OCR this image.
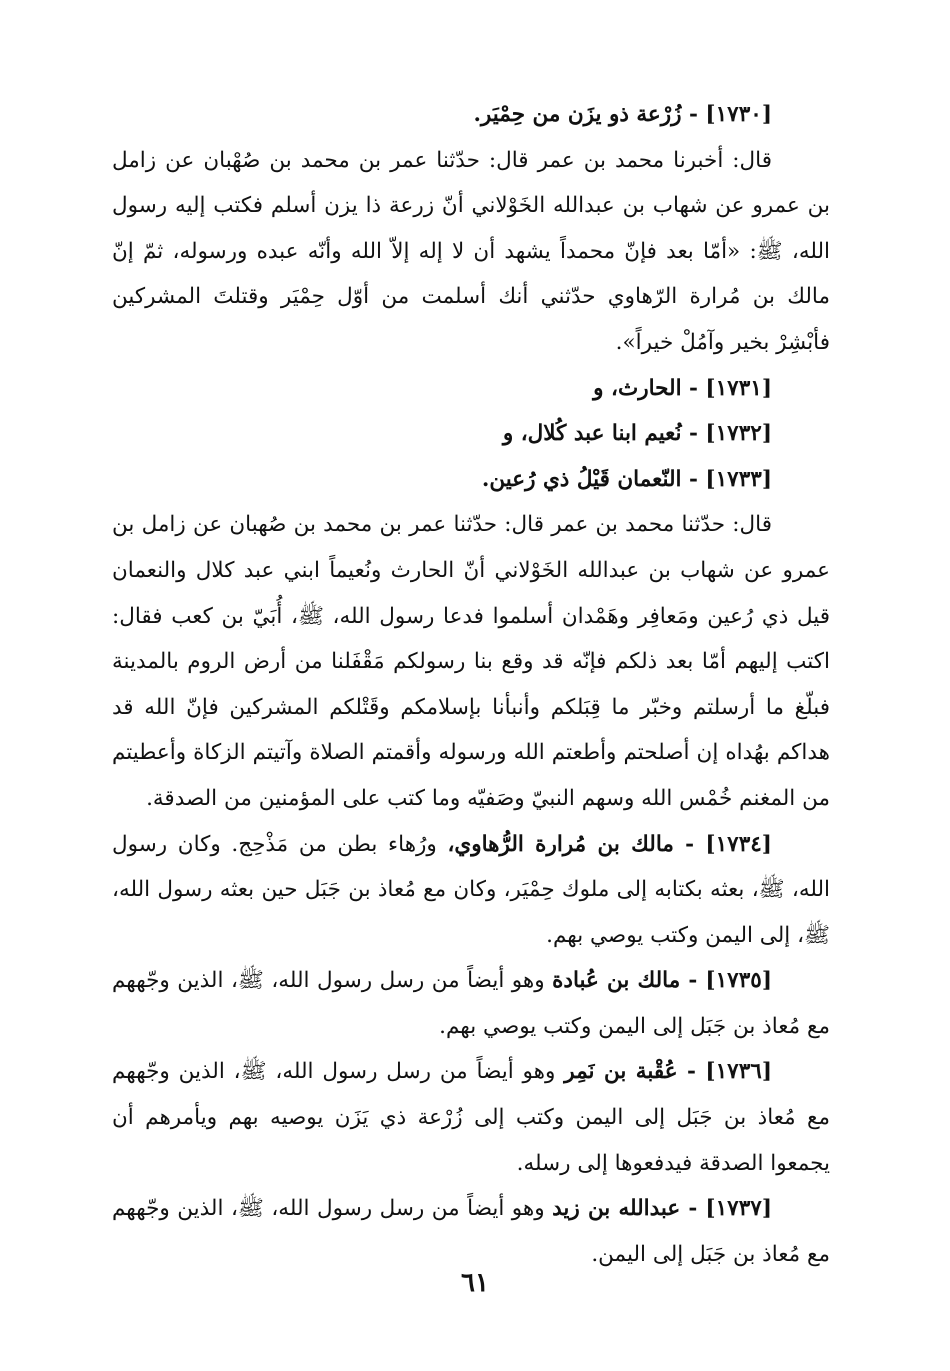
[١٧٣٠] - زُرْعة ذو يزَن من حِمْيَر.

قال: أخبرنا محمد بن عمر قال: حدّثنا عمر بن محمد بن صُهْبان عن زامل بن عمرو عن شهاب بن عبدالله الخَوْلاني أنّ زرعة ذا يزن أسلم فكتب إليه رسول الله، ﷺ: «أمّا بعد فإنّ محمداً يشهد أن لا إله إلاّ الله وأنّه عبده ورسوله، ثمّ إنّ مالك بن مُرارة الرّهاوي حدّثني أنك أسلمت من أوّل حِمْيَر وقتلتَ المشركين فأبْشِرْ بخير وآمُلْ خيراً».

[١٧٣١] - الحارث، و

[١٧٣٢] - نُعيم ابنا عبد كُلال، و

[١٧٣٣] - النّعمان قَيْلُ ذي رُعين.

قال: حدّثنا محمد بن عمر قال: حدّثنا عمر بن محمد بن صُهبان عن زامل بن عمرو عن شهاب بن عبدالله الخَوْلاني أنّ الحارث ونُعيماً ابني عبد كلال والنعمان قيل ذي رُعين ومَعافِر وهَمْدان أسلموا فدعا رسول الله، ﷺ، أُبَيّ بن كعب فقال: اكتب إليهم أمّا بعد ذلكم فإنّه قد وقع بنا رسولكم مَقْفَلنا من أرض الروم بالمدينة فبلّغ ما أرسلتم وخبّر ما قِبَلكم وأنبأنا بإسلامكم وقَتْلكم المشركين فإنّ الله قد هداكم بهُداه إن أصلحتم وأطعتم الله ورسوله وأقمتم الصلاة وآتيتم الزكاة وأعطيتم من المغنم خُمْس الله وسهم النبيّ وصَفيّه وما كتب على المؤمنين من الصدقة.

[١٧٣٤] - مالك بن مُرارة الرُّهاوي، ورُهاء بطن من مَذْحِج. وكان رسول الله، ﷺ، بعثه بكتابه إلى ملوك حِمْيَر، وكان مع مُعاذ بن جَبَل حين بعثه رسول الله، ﷺ، إلى اليمن وكتب يوصي بهم.

[١٧٣٥] - مالك بن عُبادة وهو أيضاً من رسل رسول الله، ﷺ، الذين وجّههم مع مُعاذ بن جَبَل إلى اليمن وكتب يوصي بهم.

[١٧٣٦] - عُقْبة بن نَمِر وهو أيضاً من رسل رسول الله، ﷺ، الذين وجّههم مع مُعاذ بن جَبَل إلى اليمن وكتب إلى زُرْعة ذي يَزَن يوصيه بهم ويأمرهم أن يجمعوا الصدقة فيدفعوها إلى رسله.

[١٧٣٧] - عبدالله بن زيد وهو أيضاً من رسل رسول الله، ﷺ، الذين وجّههم مع مُعاذ بن جَبَل إلى اليمن.

٦١
